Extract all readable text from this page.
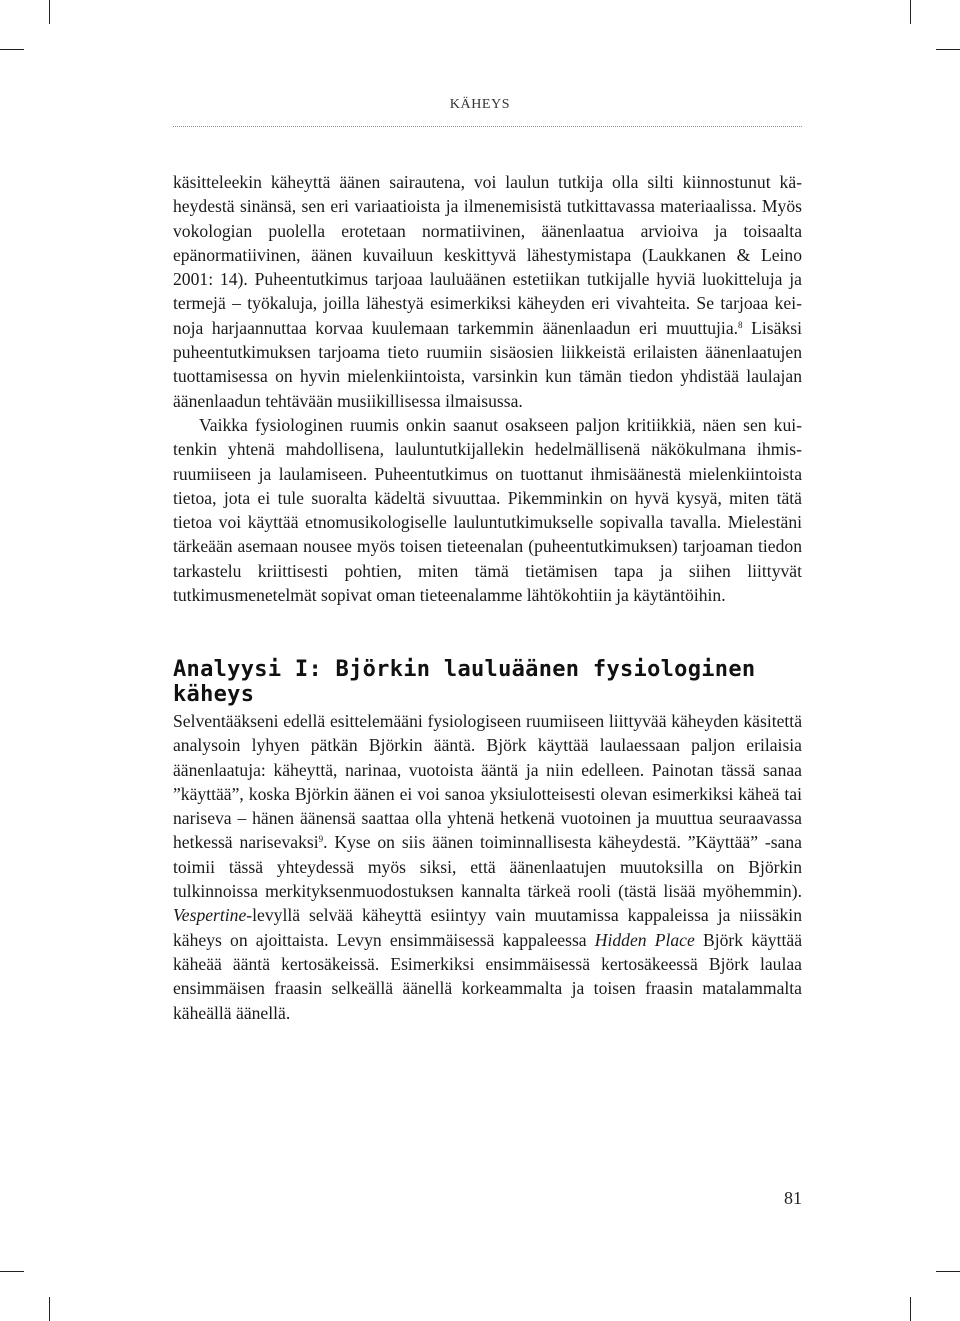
KÄHEYS

käsitteleekin käheyttä äänen sairautena, voi laulun tutkija olla silti kiinnostunut käheydestä sinänsä, sen eri variaatioista ja ilmenemisistä tutkittavassa materiaalissa. Myös vokologian puolella erotetaan normatiivinen, äänenlaatua arvioiva ja toisaalta epänormatiivinen, äänen kuvailuun keskittyvä lähestymistapa (Laukkanen & Leino 2001: 14). Puheentutkimus tarjoaa lauluäänen estetiikan tutkijalle hyviä luokitteluja ja termejä – työkaluja, joilla lähestyä esimerkiksi käheyden eri vivahteita. Se tarjoaa keinoja harjaannuttaa korvaa kuulemaan tarkemmin äänenlaadun eri muuttujia.$^8$ Lisäksi puheentutkimuksen tarjoama tieto ruumiin sisäosien liikkeistä erilaisten äänenlaatujen tuottamisessa on hyvin mielenkiintoista, varsinkin kun tämän tiedon yhdistää laulajan äänenlaadun tehtävään musiikillisessa ilmaisussa.

Vaikka fysiologinen ruumis onkin saanut osakseen paljon kritiikkiä, näen sen kuitenkin yhtenä mahdollisena, lauluntutkijallekin hedelmällisenä näkökulmana ihmisruumiiseen ja laulamiseen. Puheentutkimus on tuottanut ihmisäänestä mielenkiintoista tietoa, jota ei tule suoralta kädeltä sivuuttaa. Pikemminkin on hyvä kysyä, miten tätä tietoa voi käyttää etnomusikologiselle lauluntutkimukselle sopivalla tavalla. Mielestäni tärkeään asemaan nousee myös toisen tieteenalan (puheentutkimuksen) tarjoaman tiedon tarkastelu kriittisesti pohtien, miten tämä tietämisen tapa ja siihen liittyvät tutkimusmenetelmät sopivat oman tieteenalamme lähtökohtiin ja käytäntöihin.

Analyysi I: Björkin lauluäänen fysiologinen käheys

Selventääkseni edellä esittelemääni fysiologiseen ruumiiseen liittyvää käheyden käsitettä analysoin lyhyen pätkän Björkin ääntä. Björk käyttää laulaessaan paljon erilaisia äänenlaatuja: käheyttä, narinaa, vuotoista ääntä ja niin edelleen. Painotan tässä sanaa ”käyttää”, koska Björkin äänen ei voi sanoa yksiulotteisesti olevan esimerkiksi käheä tai nariseva – hänen äänensä saattaa olla yhtenä hetkenä vuotoinen ja muuttua seuraavassa hetkessä narisevaksi$^9$. Kyse on siis äänen toiminnallisesta käheydestä. ”Käyttää” -sana toimii tässä yhteydessä myös siksi, että äänenlaatujen muutoksilla on Björkin tulkinnoissa merkityksenmuodostuksen kannalta tärkeä rooli (tästä lisää myöhemmin). Vespertine-levyllä selvää käheyttä esiintyy vain muutamissa kappaleissa ja niissäkin käheys on ajoittaista. Levyn ensimmäisessä kappaleessa Hidden Place Björk käyttää käheää ääntä kertosäkeissä. Esimerkiksi ensimmäisessä kertosäkeessä Björk laulaa ensimmäisen fraasin selkeällä äänellä korkeammalta ja toisen fraasin matalammalta käheällä äänellä.

81
